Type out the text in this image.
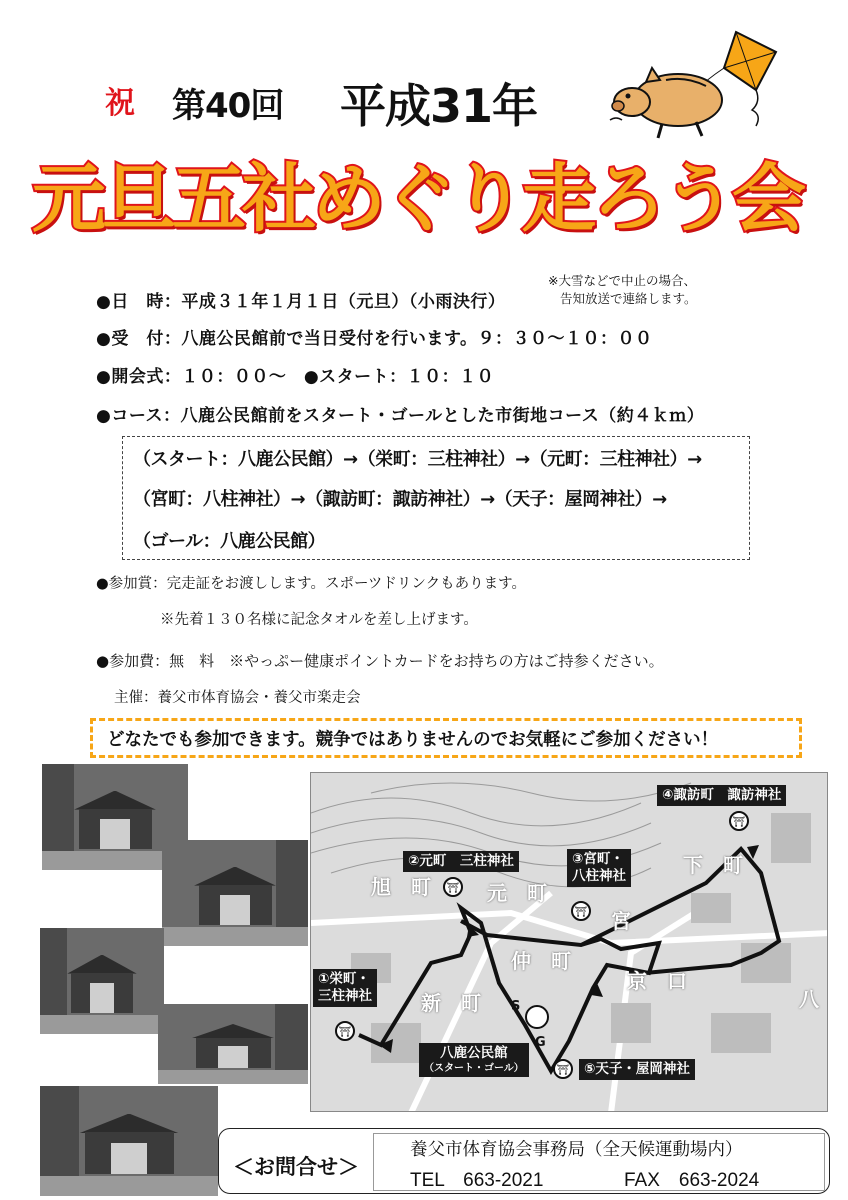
祝 第40回 平成31年
元旦五社めぐり走ろう会
●日　時：平成３１年１月１日（元旦）（小雨決行）
※大雪などで中止の場合、
告知放送で連絡します。
●受　付：八鹿公民館前で当日受付を行います。９：３０〜１０：００
●開会式：１０：００〜　●スタート：１０：１０
●コース：八鹿公民館前をスタート・ゴールとした市街地コース（約４ｋｍ）
（スタート：八鹿公民館）→（栄町：三柱神社）→（元町：三柱神社）→
（宮町：八柱神社）→（諏訪町：諏訪神社）→（天子：屋岡神社）→
（ゴール：八鹿公民館）
●参加賞：完走証をお渡しします。スポーツドリンクもあります。
※先着１３０名様に記念タオルを差し上げます。
●参加費：無　料　※やっぷー健康ポイントカードをお持ちの方はご持参ください。
主催：養父市体育協会・養父市楽走会
どなたでも参加できます。競争ではありませんのでお気軽にご参加ください！
⛩
⛩
⛩
⛩
⛩
旭　町	元　町
下　町
宮
仲　町
京　口
新　町	八
S
G
④諏訪町　諏訪神社
②元町　三柱神社	③宮町・
八柱神社
①栄町・
三柱神社
八鹿公民館
（スタート・ゴール）	⑤天子・屋岡神社
＜お問合せ＞
養父市体育協会事務局（全天候運動場内）
TEL　663-2021	FAX　663-2024
